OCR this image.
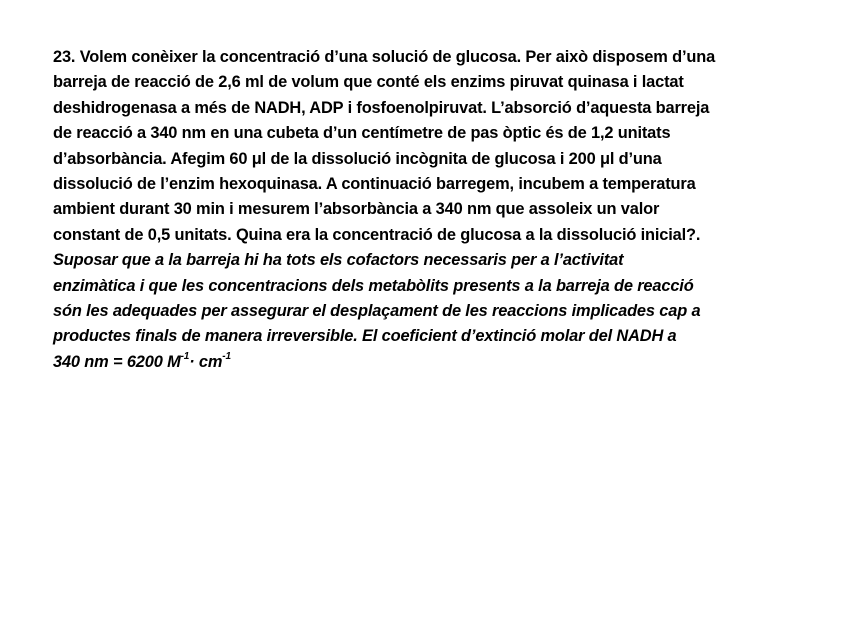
23. Volem conèixer la concentració d’una solució de glucosa. Per això disposem d’una
barreja de reacció de 2,6 ml de volum que conté els enzims piruvat quinasa i lactat
deshidrogenasa a més de NADH, ADP i fosfoenolpiruvat. L’absorció d’aquesta barreja
de reacció a 340 nm en una cubeta d’un centímetre de pas òptic és de 1,2 unitats
d’absorbància. Afegim 60 μl de la dissolució incògnita de glucosa i 200 μl d’una
dissolució de l’enzim hexoquinasa. A continuació barregem, incubem a temperatura
ambient durant 30 min i mesurem l’absorbància a 340 nm que assoleix un valor
constant de 0,5 unitats. Quina era la concentració de glucosa a la dissolució inicial?.
Suposar que a la barreja hi ha tots els cofactors necessaris per a l’activitat
enzimàtica i que les concentracions dels metabòlits presents a la barreja de reacció
són les adequades per assegurar el desplaçament de les reaccions implicades cap a
productes finals de manera irreversible. El coeficient d’extinció molar del NADH a
340 nm = 6200 $M^{-1}\cdot cm^{-1}$
